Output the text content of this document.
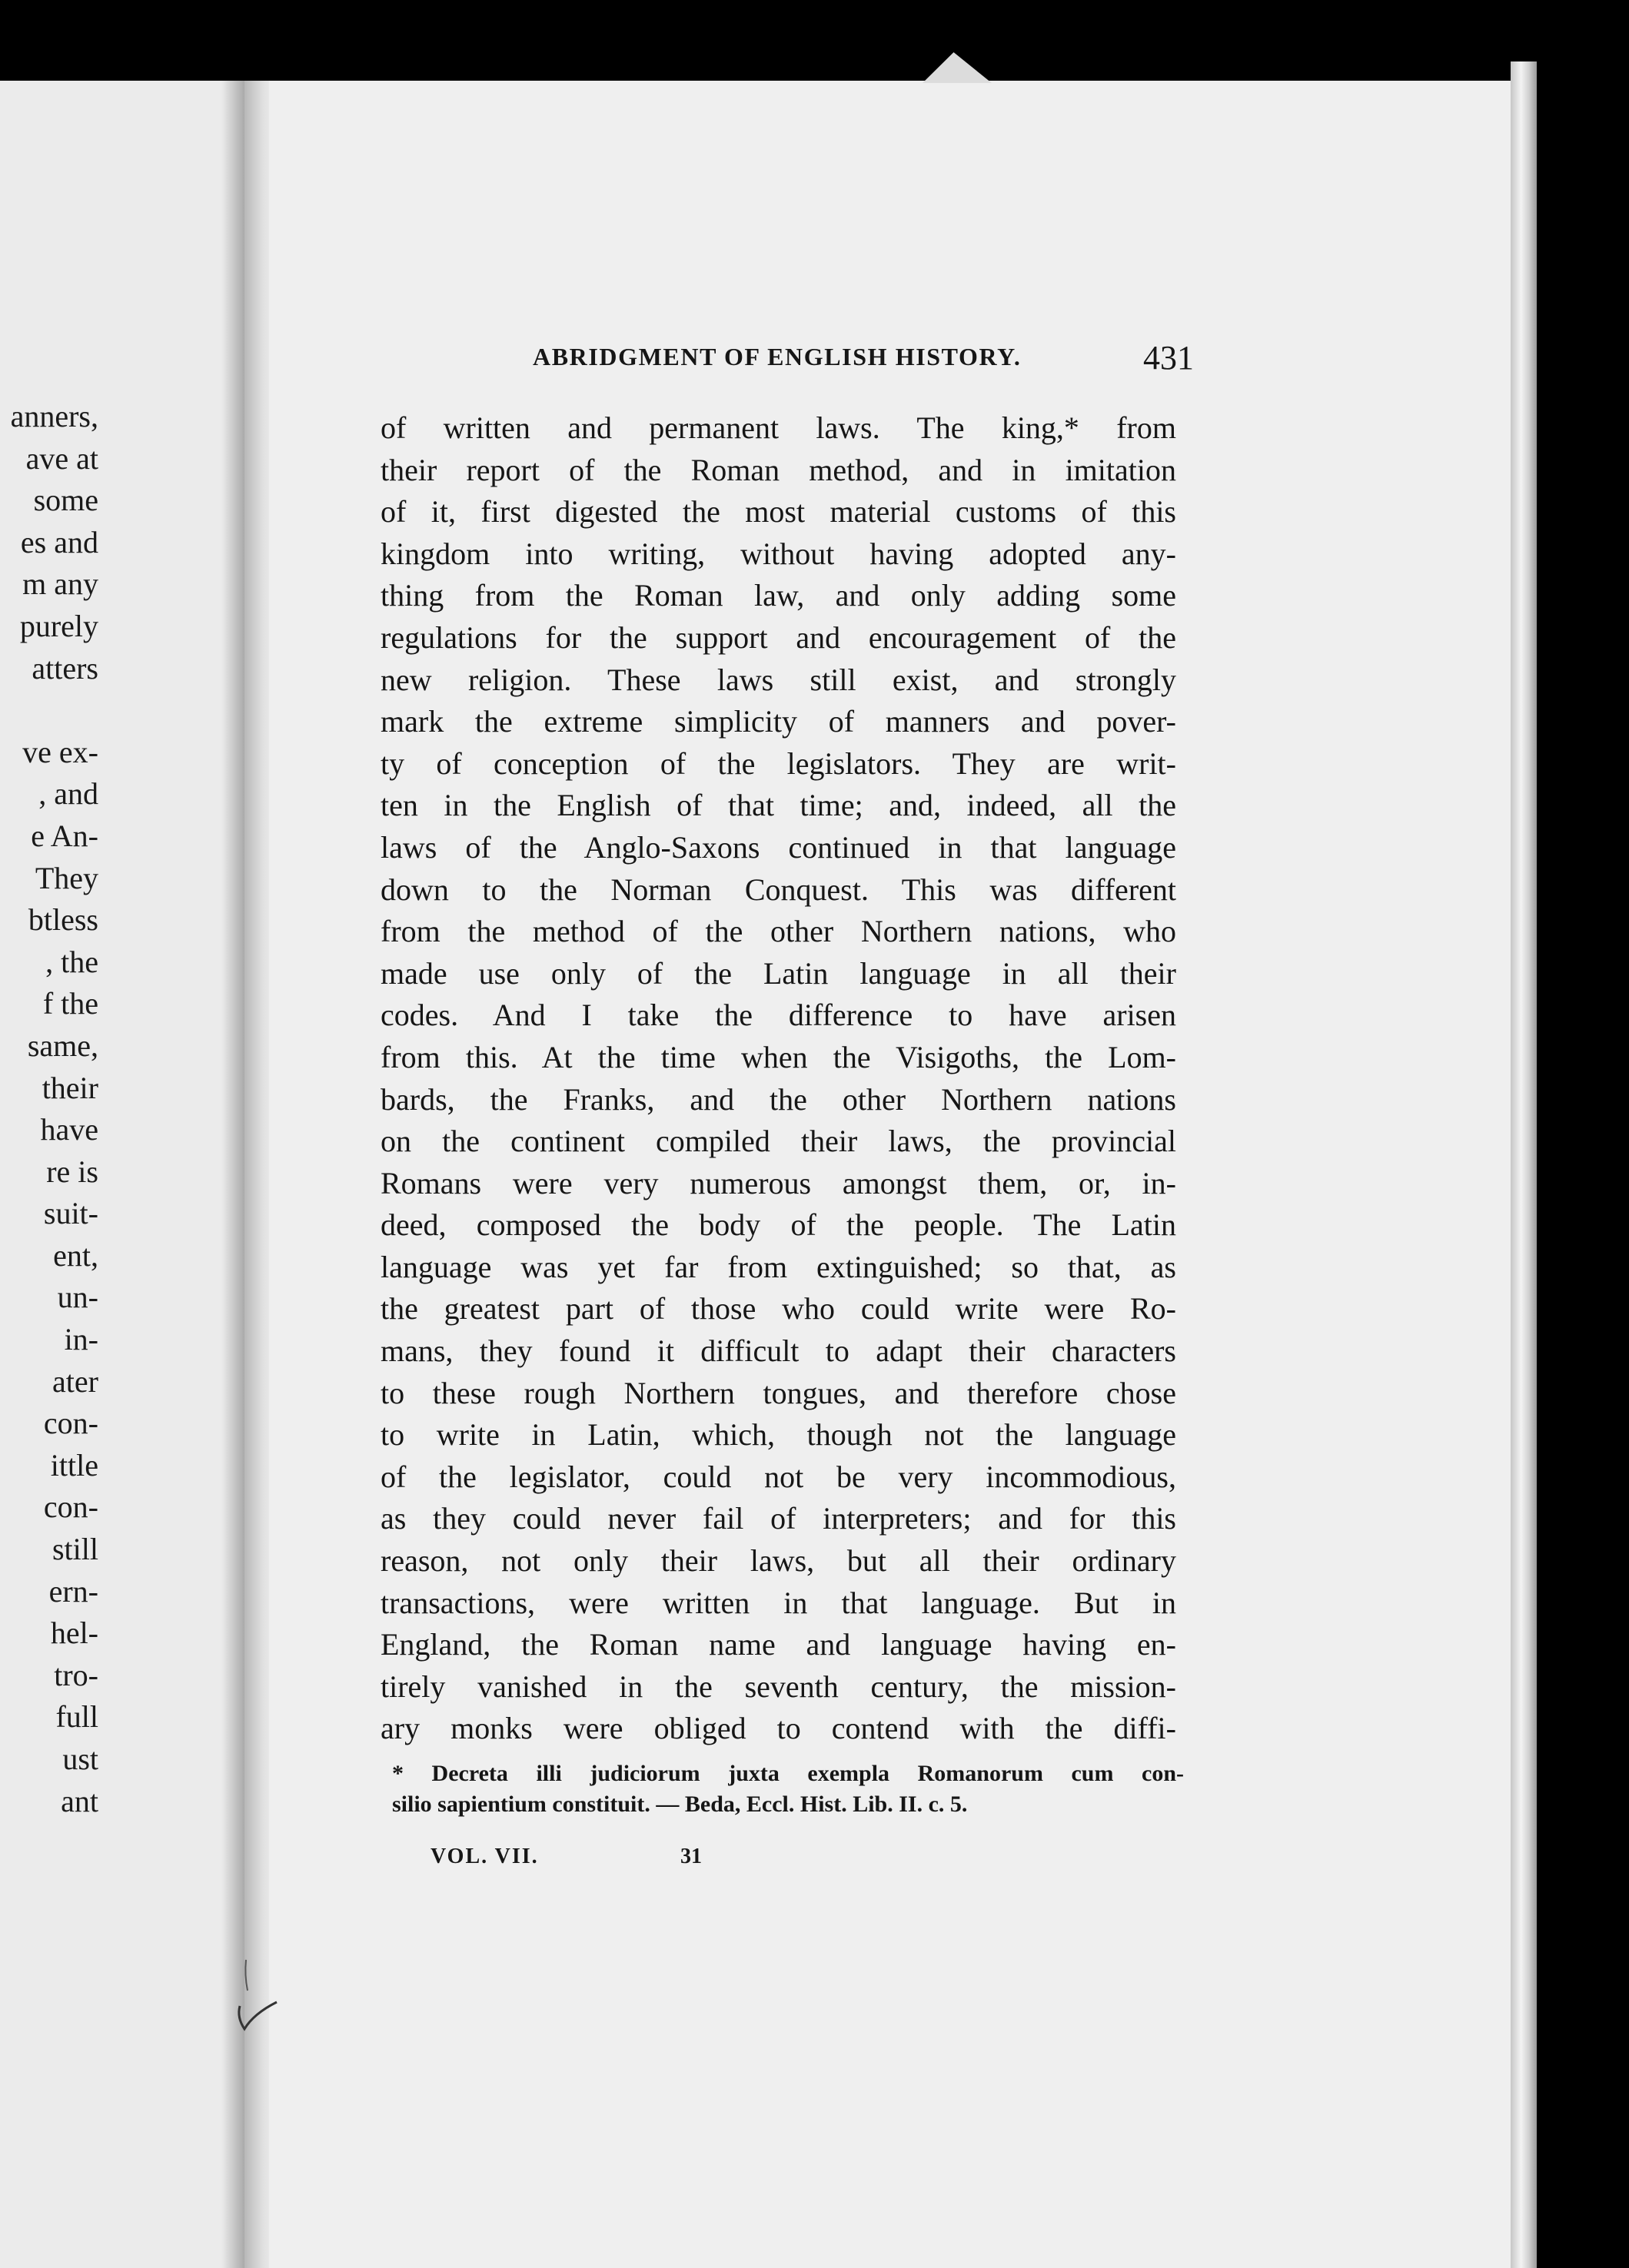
anners,
ave at
some
es and
m any
purely
atters

ve ex-
, and
e An-
They
btless
, the
f the
same,
their
have
re is
suit-
ent,
un-
in-
ater
con-
ittle
con-
still
ern-
hel-
tro-
full
ust
ant
ABRIDGMENT OF ENGLISH HISTORY.	431
of written and permanent laws. The king,* from
their report of the Roman method, and in imitation
of it, first digested the most material customs of this
kingdom into writing, without having adopted any-
thing from the Roman law, and only adding some
regulations for the support and encouragement of the
new religion. These laws still exist, and strongly
mark the extreme simplicity of manners and pover-
ty of conception of the legislators. They are writ-
ten in the English of that time; and, indeed, all the
laws of the Anglo-Saxons continued in that language
down to the Norman Conquest. This was different
from the method of the other Northern nations, who
made use only of the Latin language in all their
codes. And I take the difference to have arisen
from this. At the time when the Visigoths, the Lom-
bards, the Franks, and the other Northern nations
on the continent compiled their laws, the provincial
Romans were very numerous amongst them, or, in-
deed, composed the body of the people. The Latin
language was yet far from extinguished; so that, as
the greatest part of those who could write were Ro-
mans, they found it difficult to adapt their characters
to these rough Northern tongues, and therefore chose
to write in Latin, which, though not the language
of the legislator, could not be very incommodious,
as they could never fail of interpreters; and for this
reason, not only their laws, but all their ordinary
transactions, were written in that language. But in
England, the Roman name and language having en-
tirely vanished in the seventh century, the mission-
ary monks were obliged to contend with the diffi-
* Decreta illi judiciorum juxta exempla Romanorum cum con-
silio sapientium constituit. — Beda, Eccl. Hist. Lib. II. c. 5.
VOL. VII.	31
